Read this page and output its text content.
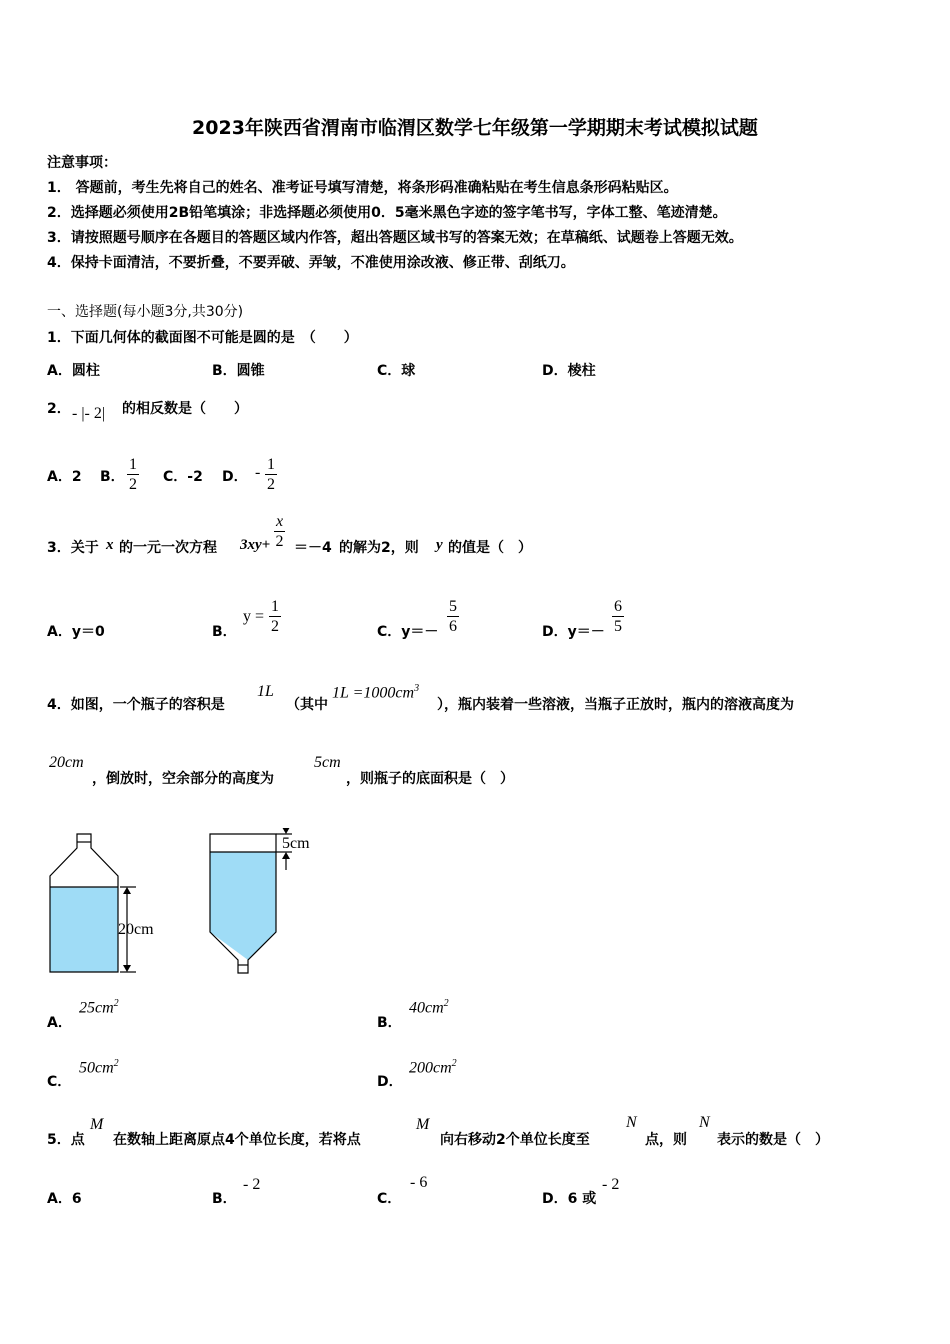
2023年陕西省渭南市临渭区数学七年级第一学期期末考试模拟试题
注意事项：
1． 答题前，考生先将自己的姓名、准考证号填写清楚，将条形码准确粘贴在考生信息条形码粘贴区。
2．选择题必须使用2B铅笔填涂；非选择题必须使用0．5毫米黑色字迹的签字笔书写，字体工整、笔迹清楚。
3．请按照题号顺序在各题目的答题区域内作答，超出答题区域书写的答案无效；在草稿纸、试题卷上答题无效。
4．保持卡面清洁，不要折叠，不要弄破、弄皱，不准使用涂改液、修正带、刮纸刀。
一、选择题(每小题3分,共30分)
1．下面几何体的截面图不可能是圆的是　（　　）
A．圆柱	B．圆锥	C．球	D．棱柱
2． - |- 2| 的相反数是（　　）
A．2 B． $\frac{1}{2}$ C．-2 D． - $\frac{1}{2}$
3．关于 x 的一元一次方程 $3xy+ \frac{x}{2} =-4$ 的解为2，则 y 的值是（　）
A．y＝0	B．
$y = \frac{1}{2}$	C．$y=- \frac{5}{6}$	D．$y=- \frac{6}{5}$
4．如图，一个瓶子的容积是
1L
（其中
$1L =1000cm^3$
），瓶内装着一些溶液，当瓶子正放时，瓶内的溶液高度为
20cm
，倒放时，空余部分的高度为
5cm
，则瓶子的底面积是（　）
20cm
5cm
A．
$25cm^2$
B．
$40cm^2$
C．
$50cm^2$
D．
$200cm^2$
5．点
M
在数轴上距离原点4个单位长度，若将点
M
向右移动2个单位长度至
N
点，则
N
表示的数是（　）
A．6	B．
- 2
C．
- 6
D．6 或
- 2
